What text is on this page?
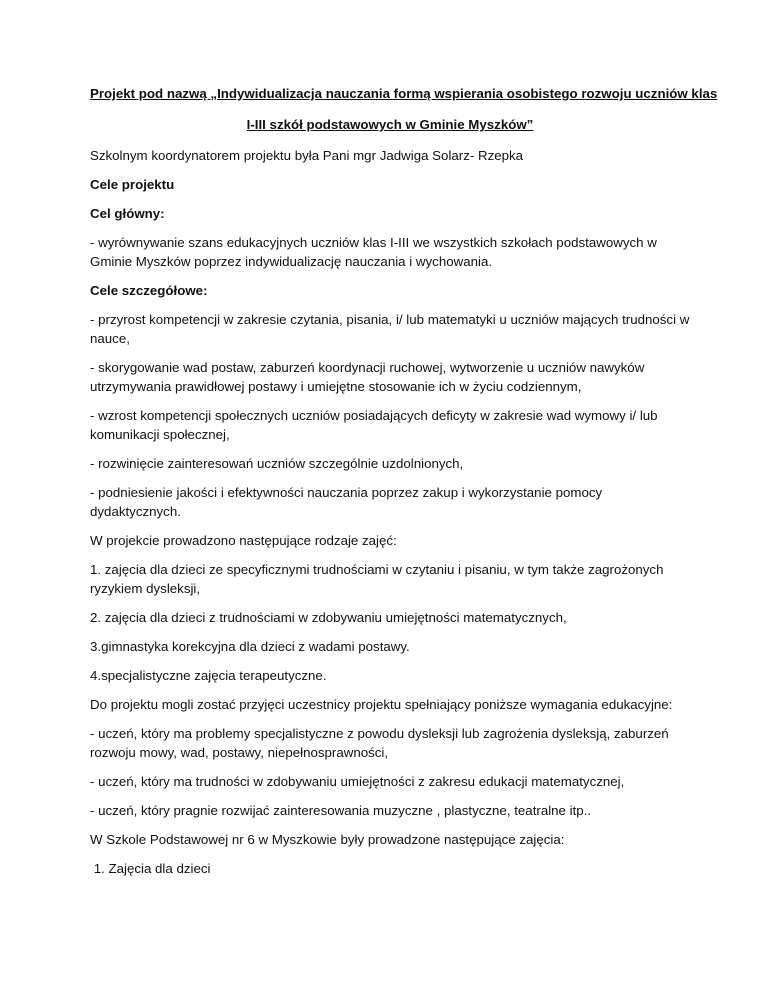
Projekt pod nazwą „Indywidualizacja nauczania formą wspierania osobistego rozwoju uczniów klas

I-III szkół podstawowych w Gminie Myszków”

Szkolnym koordynatorem projektu była Pani mgr Jadwiga Solarz- Rzepka

Cele projektu

Cel główny:

- wyrównywanie szans edukacyjnych uczniów klas I-III we wszystkich szkołach podstawowych w Gminie Myszków poprzez indywidualizację nauczania i wychowania.

Cele szczegółowe:

- przyrost kompetencji w zakresie czytania, pisania, i/ lub matematyki u uczniów mających trudności w nauce,

- skorygowanie wad postaw, zaburzeń koordynacji ruchowej, wytworzenie u uczniów nawyków utrzymywania prawidłowej postawy i umiejętne stosowanie ich w życiu codziennym,

- wzrost kompetencji społecznych uczniów posiadających deficyty w zakresie wad wymowy i/ lub komunikacji społecznej,

- rozwinięcie zainteresowań uczniów szczególnie uzdolnionych,

- podniesienie jakości i efektywności nauczania poprzez zakup i wykorzystanie pomocy dydaktycznych.

W projekcie prowadzono następujące rodzaje zajęć:

1. zajęcia dla dzieci ze specyficznymi trudnościami w czytaniu i pisaniu, w tym także zagrożonych ryzykiem dysleksji,

2. zajęcia dla dzieci z trudnościami w zdobywaniu umiejętności matematycznych,

3.gimnastyka korekcyjna dla dzieci z wadami postawy.

4.specjalistyczne zajęcia terapeutyczne.

Do projektu mogli zostać przyjęci uczestnicy projektu spełniający poniższe wymagania edukacyjne:

- uczeń, który ma problemy specjalistyczne z powodu dysleksji lub zagrożenia dysleksją, zaburzeń rozwoju mowy, wad, postawy, niepełnosprawności,

- uczeń, który ma trudności w zdobywaniu umiejętności z zakresu edukacji matematycznej,

- uczeń, który pragnie rozwijać zainteresowania muzyczne , plastyczne, teatralne itp..

W Szkole Podstawowej nr 6 w Myszkowie były prowadzone następujące zajęcia:

1. Zajęcia dla dzieci
